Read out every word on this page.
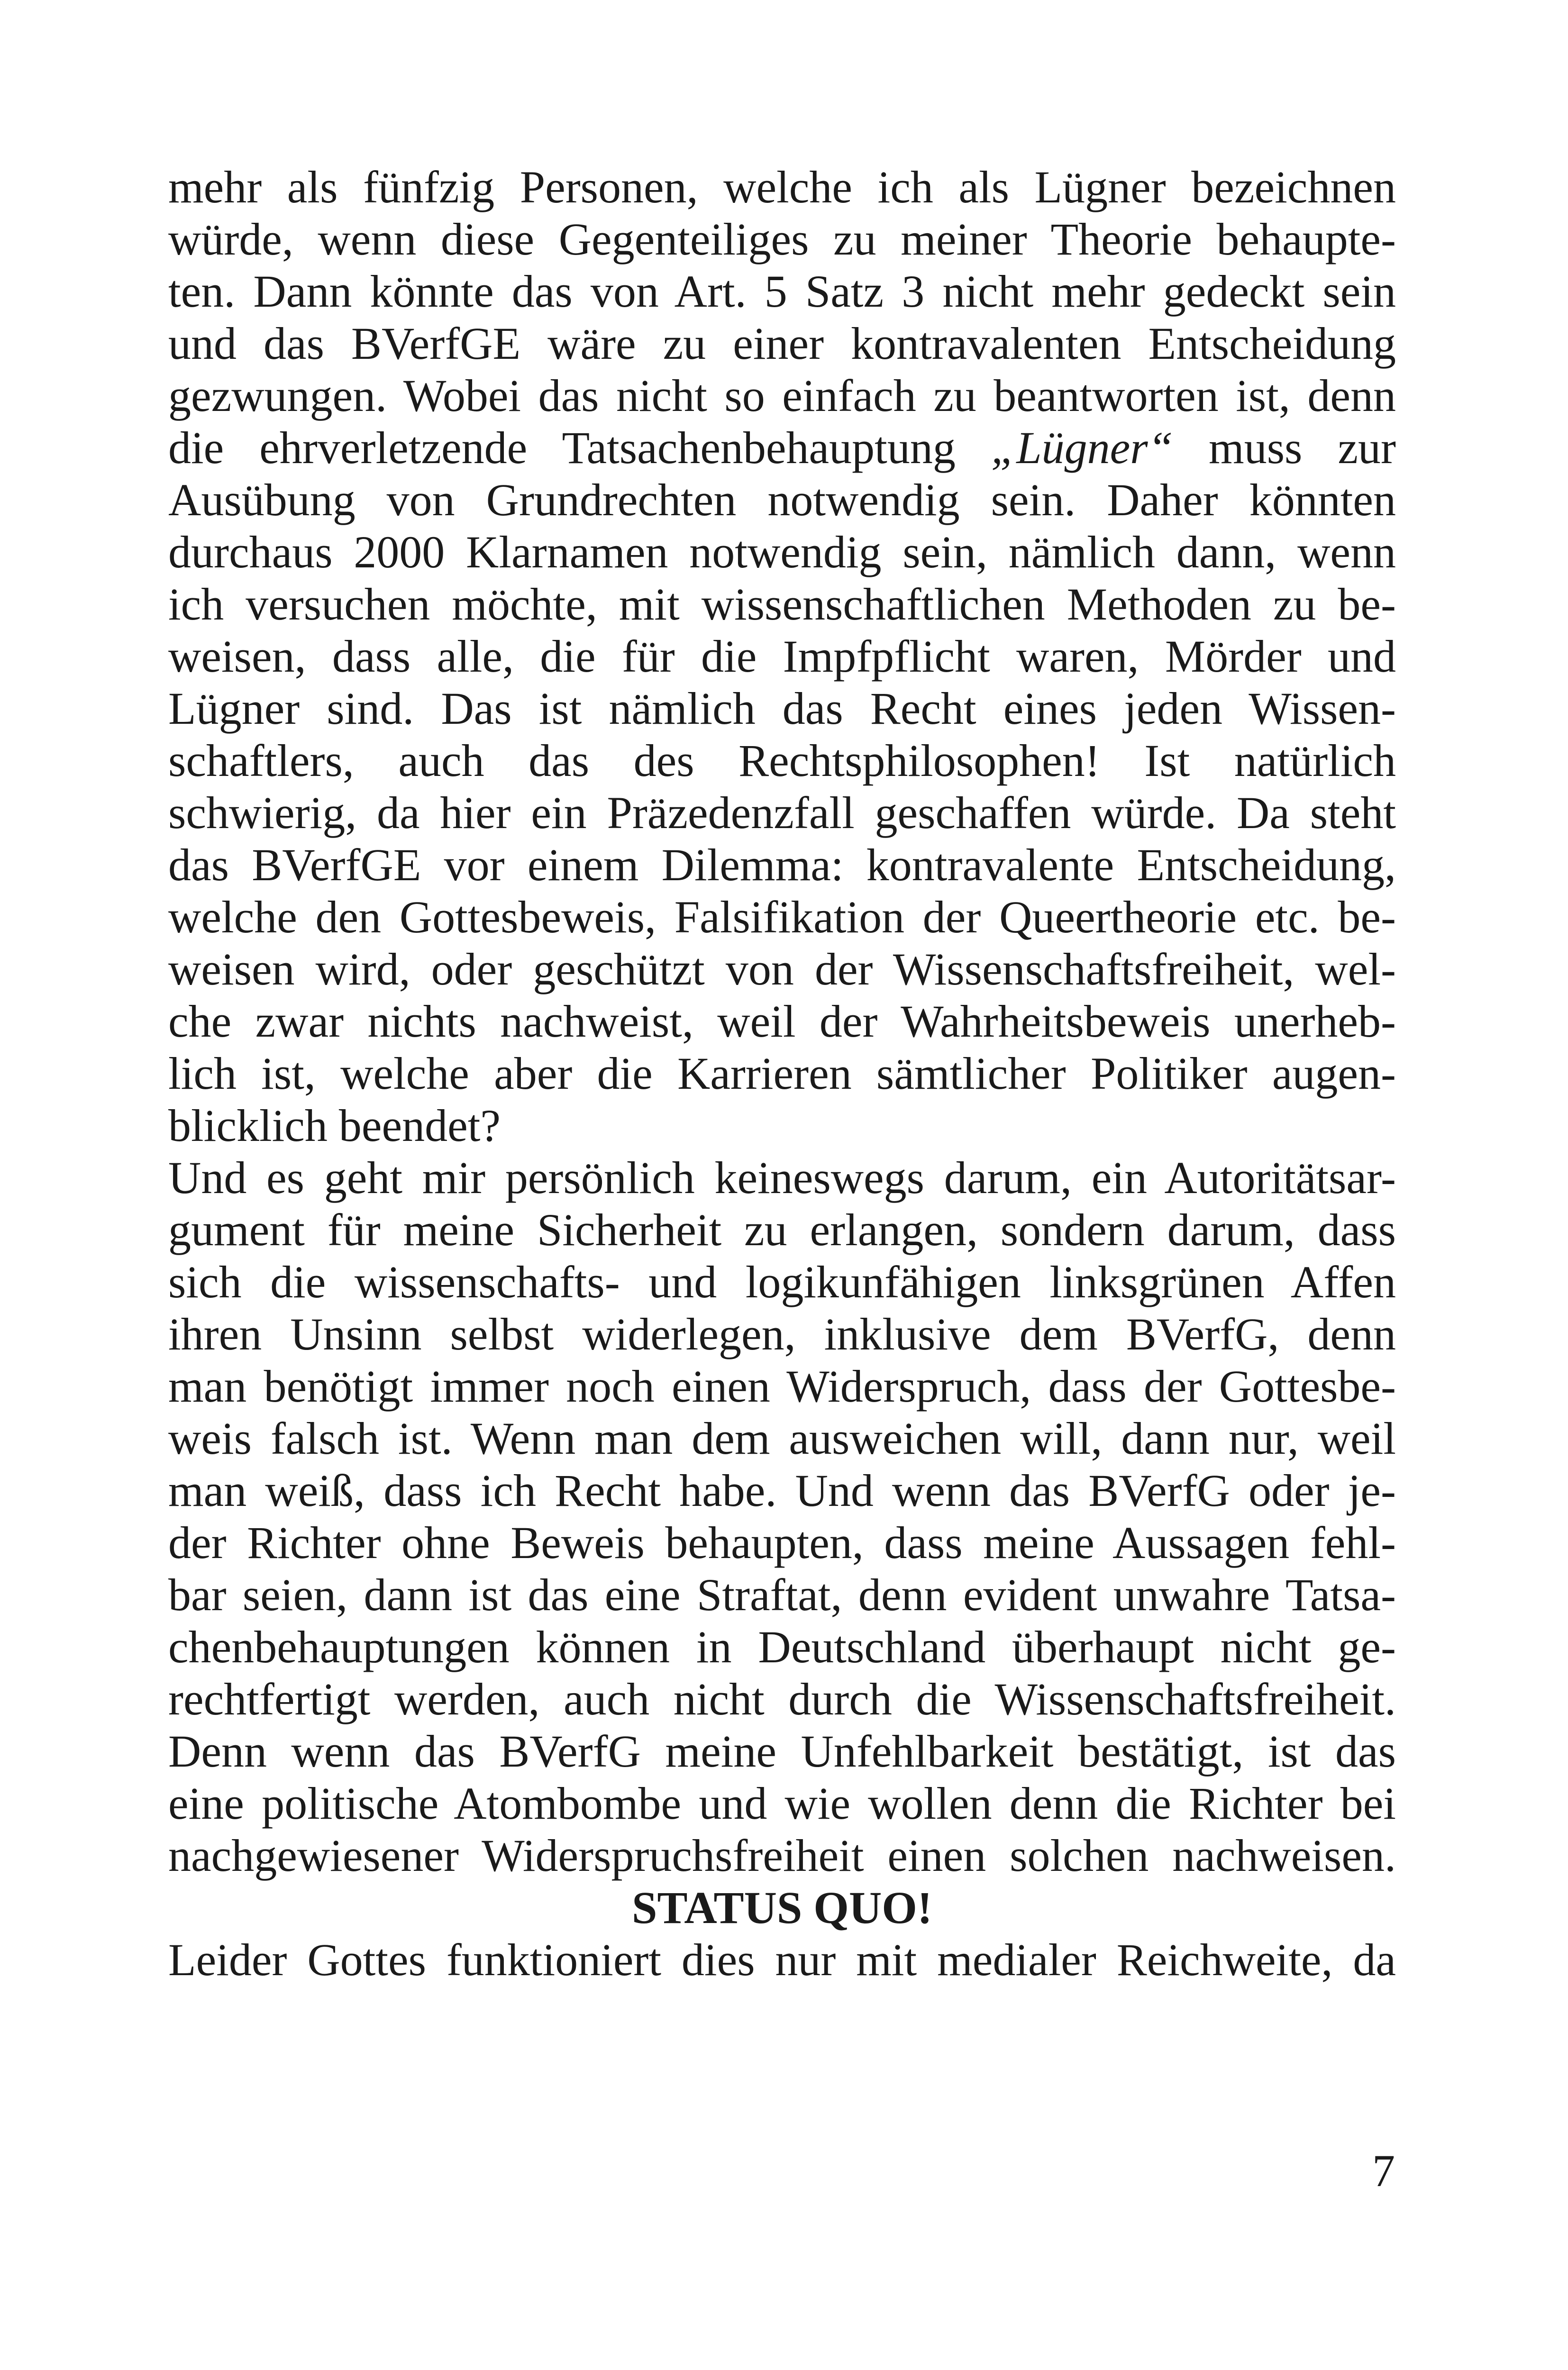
mehr als fünfzig Personen, welche ich als Lügner bezeichnen
würde, wenn diese Gegenteiliges zu meiner Theorie behaupte-
ten. Dann könnte das von Art. 5 Satz 3 nicht mehr gedeckt sein
und das BVerfGE wäre zu einer kontravalenten Entscheidung
gezwungen. Wobei das nicht so einfach zu beantworten ist, denn
die ehrverletzende Tatsachenbehauptung „Lügner“ muss zur
Ausübung von Grundrechten notwendig sein. Daher könnten
durchaus 2000 Klarnamen notwendig sein, nämlich dann, wenn
ich versuchen möchte, mit wissenschaftlichen Methoden zu be-
weisen, dass alle, die für die Impfpflicht waren, Mörder und
Lügner sind. Das ist nämlich das Recht eines jeden Wissen-
schaftlers, auch das des Rechtsphilosophen! Ist natürlich
schwierig, da hier ein Präzedenzfall geschaffen würde. Da steht
das BVerfGE vor einem Dilemma: kontravalente Entscheidung,
welche den Gottesbeweis, Falsifikation der Queertheorie etc. be-
weisen wird, oder geschützt von der Wissenschaftsfreiheit, wel-
che zwar nichts nachweist, weil der Wahrheitsbeweis unerheb-
lich ist, welche aber die Karrieren sämtlicher Politiker augen-
blicklich beendet?
Und es geht mir persönlich keineswegs darum, ein Autoritätsar-
gument für meine Sicherheit zu erlangen, sondern darum, dass
sich die wissenschafts- und logikunfähigen linksgrünen Affen
ihren Unsinn selbst widerlegen, inklusive dem BVerfG, denn
man benötigt immer noch einen Widerspruch, dass der Gottesbe-
weis falsch ist. Wenn man dem ausweichen will, dann nur, weil
man weiß, dass ich Recht habe. Und wenn das BVerfG oder je-
der Richter ohne Beweis behaupten, dass meine Aussagen fehl-
bar seien, dann ist das eine Straftat, denn evident unwahre Tatsa-
chenbehauptungen können in Deutschland überhaupt nicht ge-
rechtfertigt werden, auch nicht durch die Wissenschaftsfreiheit.
Denn wenn das BVerfG meine Unfehlbarkeit bestätigt, ist das
eine politische Atombombe und wie wollen denn die Richter bei
nachgewiesener Widerspruchsfreiheit einen solchen nachweisen.
STATUS QUO!
Leider Gottes funktioniert dies nur mit medialer Reichweite, da
7
